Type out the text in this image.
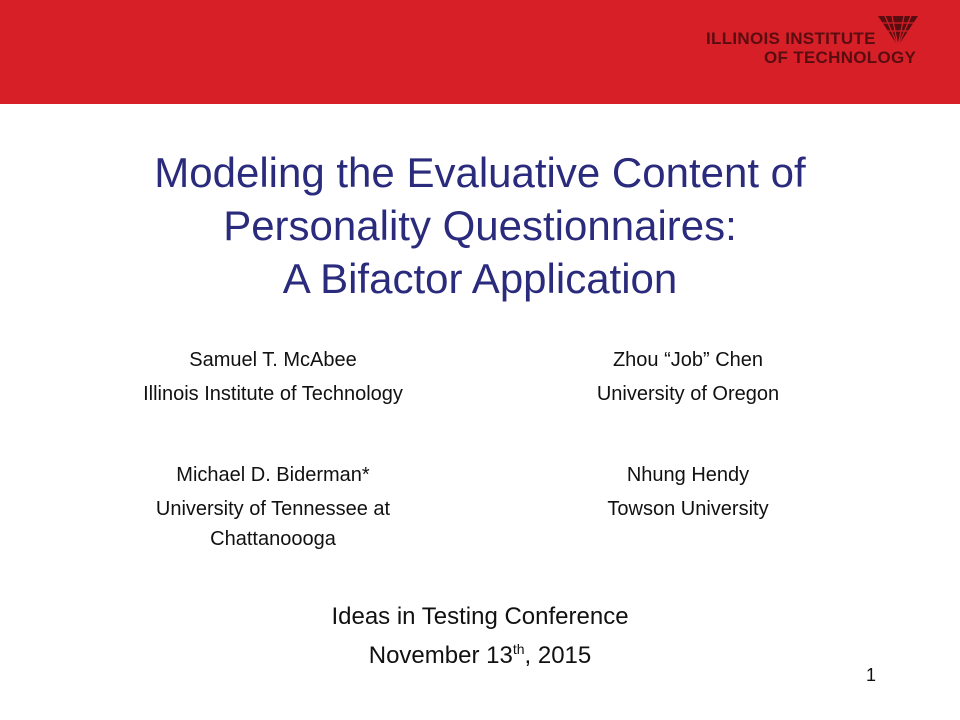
ILLINOIS INSTITUTE
OF TECHNOLOGY
Modeling the Evaluative Content of
Personality Questionnaires:
A Bifactor Application
Samuel T. McAbee
Illinois Institute of Technology
Zhou “Job” Chen
University of Oregon
Michael D. Biderman*
University of Tennessee at Chattanoooga
Nhung Hendy
Towson University
Ideas in Testing Conference
November 13th, 2015
1
